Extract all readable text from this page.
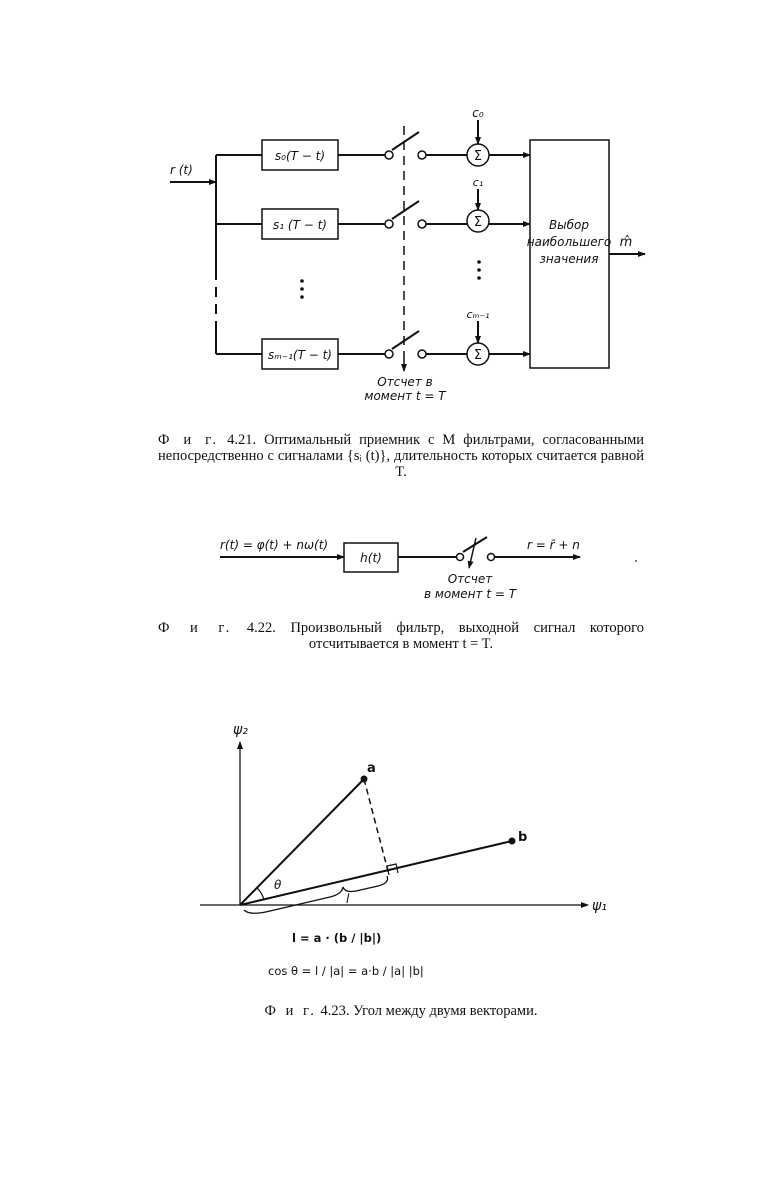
r (t)
s₀(T − t)
s₁ (T − t)
sₘ₋₁(T − t)
Σ
Σ
Σ
c₀
c₁
cₘ₋₁
Отсчет в
момент t = T
Выбор
наибольшего
значения
m̂
r(t) = φ(t) + nω(t)
h(t)
r = r̄ + n
Отсчет
в момент t = T
ψ₂
ψ₁
a
b
θ
l
l = a · (b / |b|)
cos θ = l / |a| = a·b / |a| |b|
Ф и г. 4.21. Оптимальный приемник с M фильтрами, согласованными непосредственно с сигналами {sᵢ (t)}, длительность которых считается равной T.
Ф и г. 4.22. Произвольный фильтр, выходной сигнал которого отсчитывается в момент t = T.
Ф и г. 4.23. Угол между двумя векторами.
